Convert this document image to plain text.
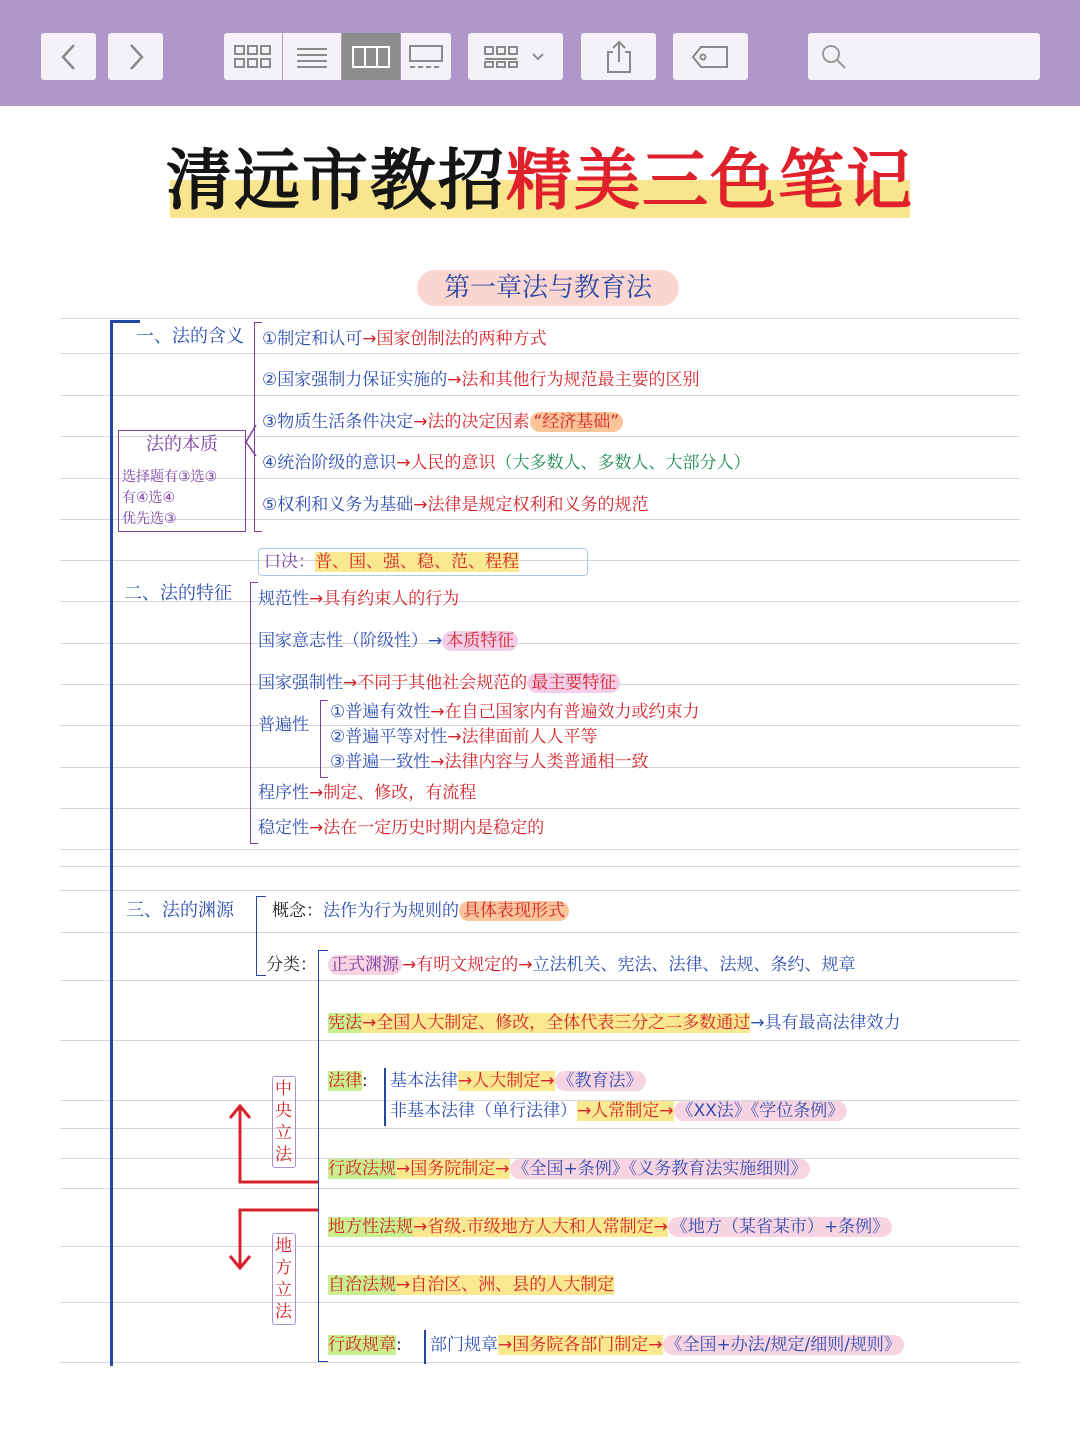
清远市教招精美三色笔记
第一章法与教育法
一、法的含义
法的本质
选择题有③选③
有④选④
优先选③
①制定和认可→国家创制法的两种方式
②国家强制力保证实施的→法和其他行为规范最主要的区别
③物质生活条件决定→法的决定因素 “经济基础”
④统治阶级的意识→人民的意识（大多数人、多数人、大部分人）
⑤权利和义务为基础→法律是规定权利和义务的规范
口决：普、国、强、稳、范、程程
二、法的特征 规范性→具有约束人的行为
国家意志性（阶级性）→ 本质特征
国家强制性→不同于其他社会规范的 最主要特征
普遍性
①普遍有效性→在自己国家内有普遍效力或约束力
②普遍平等对性→法律面前人人平等
③普遍一致性→法律内容与人类普通相一致
程序性→制定、修改，有流程
稳定性→法在一定历史时期内是稳定的
三、法的渊源 概念：法作为行为规则的 具体表现形式
分类： 正式渊源 →有明文规定的→立法机关、宪法、法律、法规、条约、规章
宪法→全国人大制定、修改，全体代表三分之二多数通过→具有最高法律效力
法律: 基本法律→人大制定→ 《教育法》
非基本法律（单行法律）→人常制定→ 《XX法》《学位条例》
行政法规→国务院制定→ 《全国+条例》《义务教育法实施细则》
地方性法规→省级.市级地方人大和人常制定→ 《地方（某省某市）+条例》
自治法规→自治区、洲、县的人大制定
行政规章: 部门规章→国务院各部门制定→ 《全国+办法/规定/细则/规则》
中央立法
地方立法
